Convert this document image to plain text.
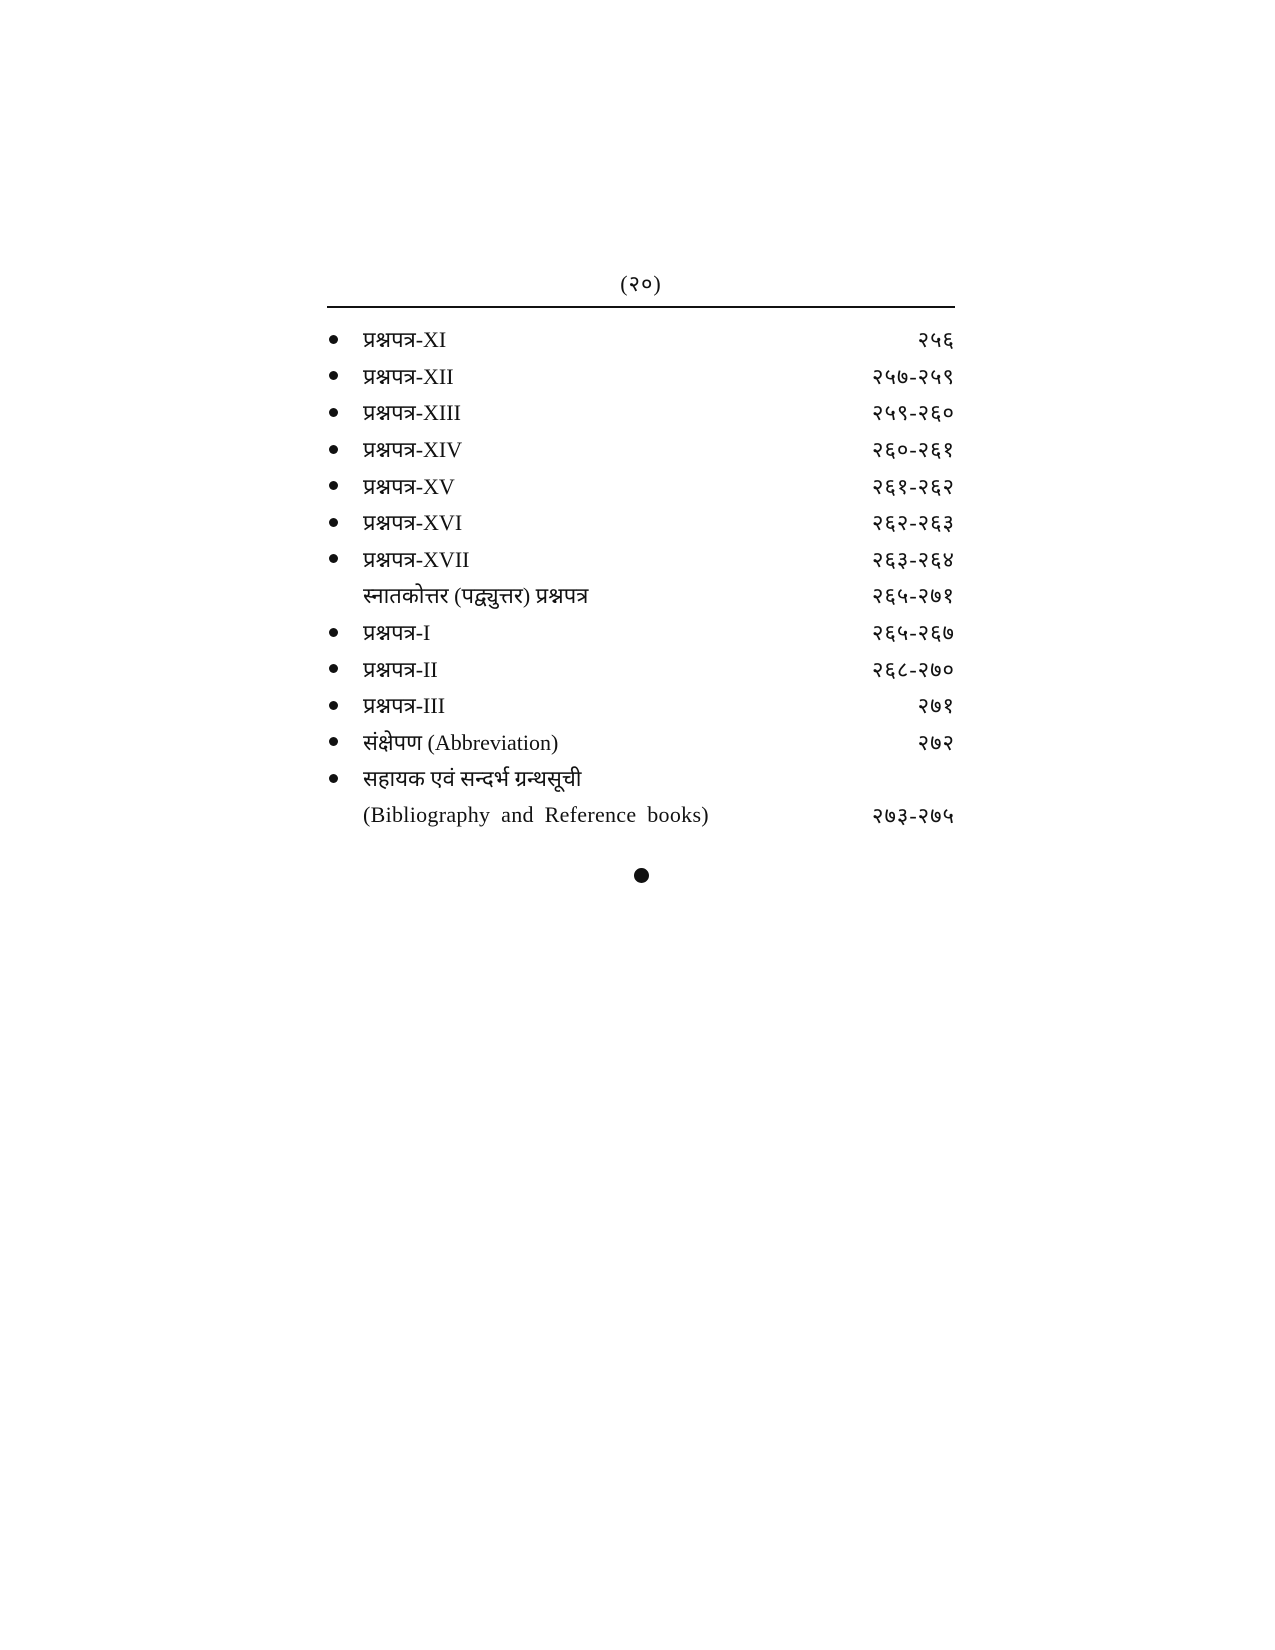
(२०)
प्रश्नपत्र-XI	२५६
प्रश्नपत्र-XII	२५७-२५९
प्रश्नपत्र-XIII	२५९-२६०
प्रश्नपत्र-XIV	२६०-२६१
प्रश्नपत्र-XV	२६१-२६२
प्रश्नपत्र-XVI	२६२-२६३
प्रश्नपत्र-XVII	२६३-२६४
स्नातकोत्तर (पद्व्युत्तर) प्रश्नपत्र	२६५-२७१
प्रश्नपत्र-I	२६५-२६७
प्रश्नपत्र-II	२६८-२७०
प्रश्नपत्र-III	२७१
संक्षेपण (Abbreviation)	२७२
सहायक एवं सन्दर्भ ग्रन्थसूची
(Bibliography and Reference books)	२७३-२७५
